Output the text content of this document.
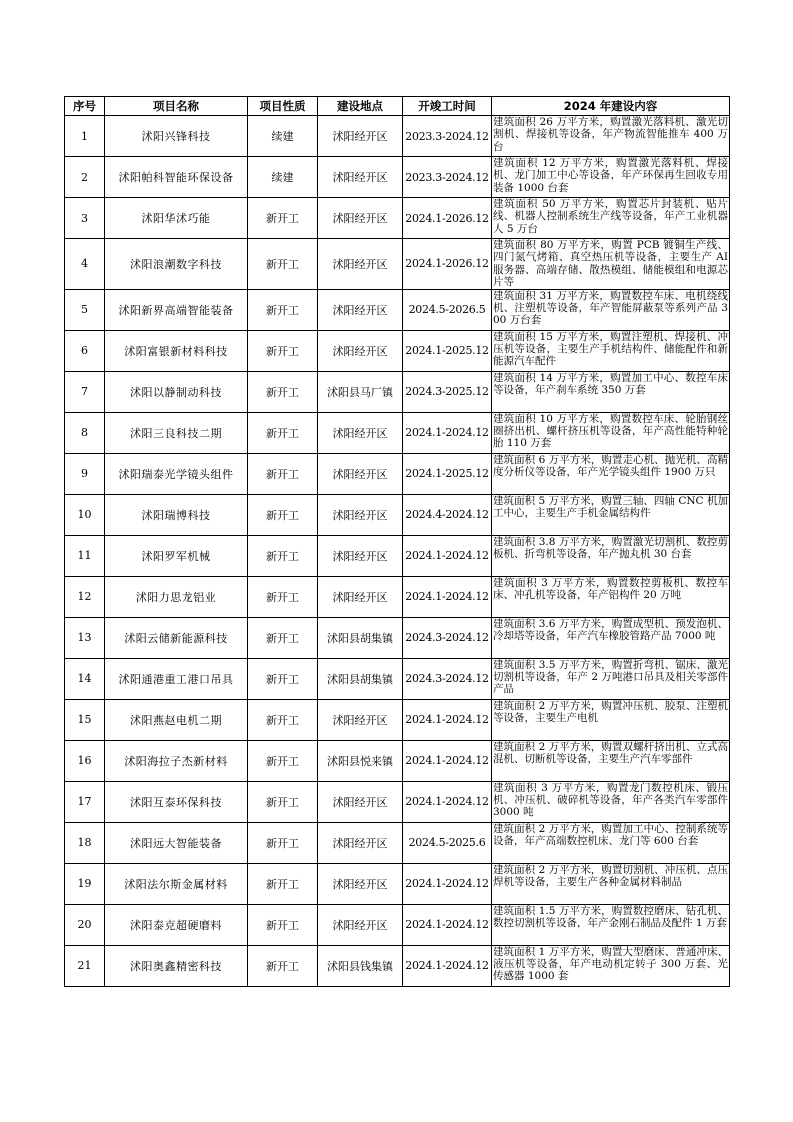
序号	项目名称	项目性质	建设地点	开竣工时间	2024 年建设内容
1	沭阳兴锋科技	续建	沭阳经开区	2023.3-2024.12	建筑面积 26 万平方米，购置激光落料机、激光切割机、焊接机等设备，年产物流智能推车 400 万台
2	沭阳帕科智能环保设备	续建	沭阳经开区	2023.3-2024.12	建筑面积 12 万平方米，购置激光落料机、焊接机、龙门加工中心等设备，年产环保再生回收专用装备 1000 台套
3	沭阳华沭巧能	新开工	沭阳经开区	2024.1-2026.12	建筑面积 50 万平方米，购置芯片封装机、贴片线、机器人控制系统生产线等设备，年产工业机器人 5 万台
4	沭阳浪潮数字科技	新开工	沭阳经开区	2024.1-2026.12	建筑面积 80 万平方米，购置 PCB 镀铜生产线、四门氮气烤箱、真空热压机等设备，主要生产 AI 服务器、高端存储、散热模组、储能模组和电源芯片等
5	沭阳新界高端智能装备	新开工	沭阳经开区	2024.5-2026.5	建筑面积 31 万平方米，购置数控车床、电机绕线机、注塑机等设备，年产智能屏蔽泵等系列产品 300 万台套
6	沭阳富银新材料科技	新开工	沭阳经开区	2024.1-2025.12	建筑面积 15 万平方米，购置注塑机、焊接机、冲压机等设备，主要生产手机结构件、储能配件和新能源汽车配件
7	沭阳以静制动科技	新开工	沭阳县马厂镇	2024.3-2025.12	建筑面积 14 万平方米，购置加工中心、数控车床等设备，年产刹车系统 350 万套
8	沭阳三良科技二期	新开工	沭阳经开区	2024.1-2024.12	建筑面积 10 万平方米，购置数控车床、轮胎钢丝圈挤出机、螺杆挤压机等设备，年产高性能特种轮胎 110 万套
9	沭阳瑞泰光学镜头组件	新开工	沭阳经开区	2024.1-2025.12	建筑面积 6 万平方米，购置走心机、抛光机、高精度分析仪等设备，年产光学镜头组件 1900 万只
10	沭阳瑞博科技	新开工	沭阳经开区	2024.4-2024.12	建筑面积 5 万平方米，购置三轴、四轴 CNC 机加工中心，主要生产手机金属结构件
11	沭阳罗军机械	新开工	沭阳经开区	2024.1-2024.12	建筑面积 3.8 万平方米，购置激光切割机、数控剪板机、折弯机等设备，年产抛丸机 30 台套
12	沭阳力思龙铝业	新开工	沭阳经开区	2024.1-2024.12	建筑面积 3 万平方米，购置数控剪板机、数控车床、冲孔机等设备，年产铝构件 20 万吨
13	沭阳云储新能源科技	新开工	沭阳县胡集镇	2024.3-2024.12	建筑面积 3.6 万平方米，购置成型机、预发泡机、冷却塔等设备，年产汽车橡胶管路产品 7000 吨
14	沭阳通港重工港口吊具	新开工	沭阳县胡集镇	2024.3-2024.12	建筑面积 3.5 万平方米，购置折弯机、锯床、激光切割机等设备，年产 2 万吨港口吊具及相关零部件产品
15	沭阳燕赵电机二期	新开工	沭阳经开区	2024.1-2024.12	建筑面积 2 万平方米，购置冲压机、胶泵、注塑机等设备，主要生产电机
16	沭阳海拉子杰新材料	新开工	沭阳县悦来镇	2024.1-2024.12	建筑面积 2 万平方米，购置双螺杆挤出机、立式高混机、切断机等设备，主要生产汽车零部件
17	沭阳互泰环保科技	新开工	沭阳经开区	2024.1-2024.12	建筑面积 3 万平方米，购置龙门数控机床、锻压机、冲压机、破碎机等设备，年产各类汽车零部件 3000 吨
18	沭阳远大智能装备	新开工	沭阳经开区	2024.5-2025.6	建筑面积 2 万平方米，购置加工中心、控制系统等设备，年产高端数控机床、龙门等 600 台套
19	沭阳法尔斯金属材料	新开工	沭阳经开区	2024.1-2024.12	建筑面积 2 万平方米，购置切割机、冲压机、点压焊机等设备，主要生产各种金属材料制品
20	沭阳泰克超硬磨料	新开工	沭阳经开区	2024.1-2024.12	建筑面积 1.5 万平方米，购置数控磨床、钻孔机、数控切割机等设备，年产金刚石制品及配件 1 万套
21	沭阳奥鑫精密科技	新开工	沭阳县钱集镇	2024.1-2024.12	建筑面积 1 万平方米，购置大型磨床、普通冲床、液压机等设备，年产电动机定转子 300 万套、光传感器 1000 套
